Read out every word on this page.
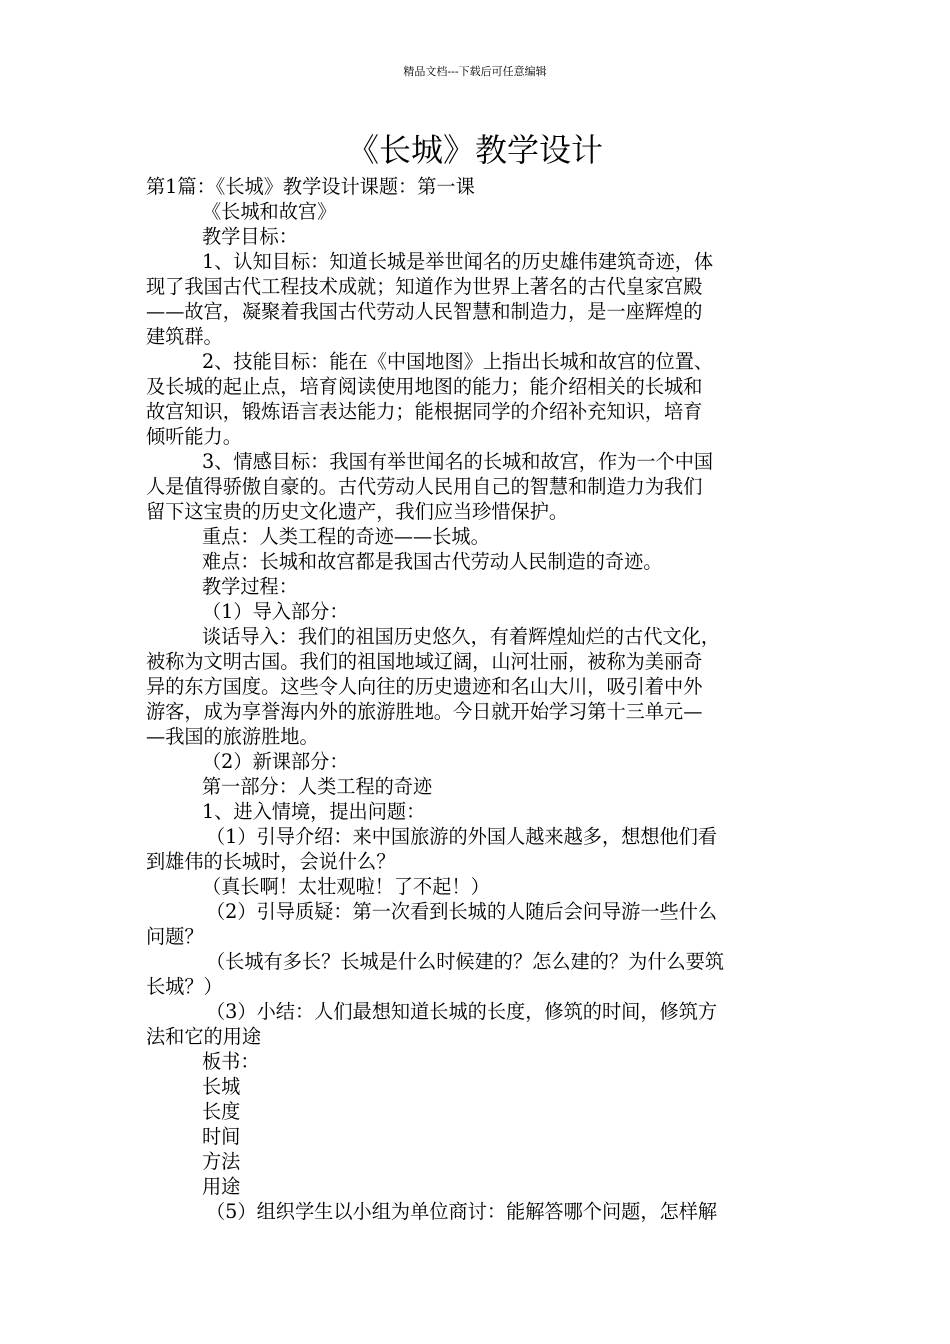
精品文档---下载后可任意编辑
《长城》教学设计
第1篇：《长城》教学设计课题：第一课
《长城和故宫》
教学目标：
1、认知目标：知道长城是举世闻名的历史雄伟建筑奇迹，体
现了我国古代工程技术成就；知道作为世界上著名的古代皇家宫殿
——故宫，凝聚着我国古代劳动人民智慧和制造力，是一座辉煌的
建筑群。
2、技能目标：能在《中国地图》上指出长城和故宫的位置、
及长城的起止点，培育阅读使用地图的能力；能介绍相关的长城和
故宫知识，锻炼语言表达能力；能根据同学的介绍补充知识，培育
倾听能力。
3、情感目标：我国有举世闻名的长城和故宫，作为一个中国
人是值得骄傲自豪的。古代劳动人民用自己的智慧和制造力为我们
留下这宝贵的历史文化遗产，我们应当珍惜保护。
重点：人类工程的奇迹——长城。
难点：长城和故宫都是我国古代劳动人民制造的奇迹。
教学过程：
（1）导入部分：
谈话导入：我们的祖国历史悠久，有着辉煌灿烂的古代文化，
被称为文明古国。我们的祖国地域辽阔，山河壮丽，被称为美丽奇
异的东方国度。这些令人向往的历史遗迹和名山大川，吸引着中外
游客，成为享誉海内外的旅游胜地。今日就开始学习第十三单元—
—我国的旅游胜地。
（2）新课部分：
第一部分：人类工程的奇迹
1、进入情境，提出问题：
（1）引导介绍：来中国旅游的外国人越来越多，想想他们看
到雄伟的长城时，会说什么？
（真长啊！太壮观啦！了不起！）
（2）引导质疑：第一次看到长城的人随后会问导游一些什么
问题？
（长城有多长？长城是什么时候建的？怎么建的？为什么要筑
长城？）
（3）小结：人们最想知道长城的长度，修筑的时间，修筑方
法和它的用途
板书：
长城
长度
时间
方法
用途
（5）组织学生以小组为单位商讨：能解答哪个问题，怎样解
